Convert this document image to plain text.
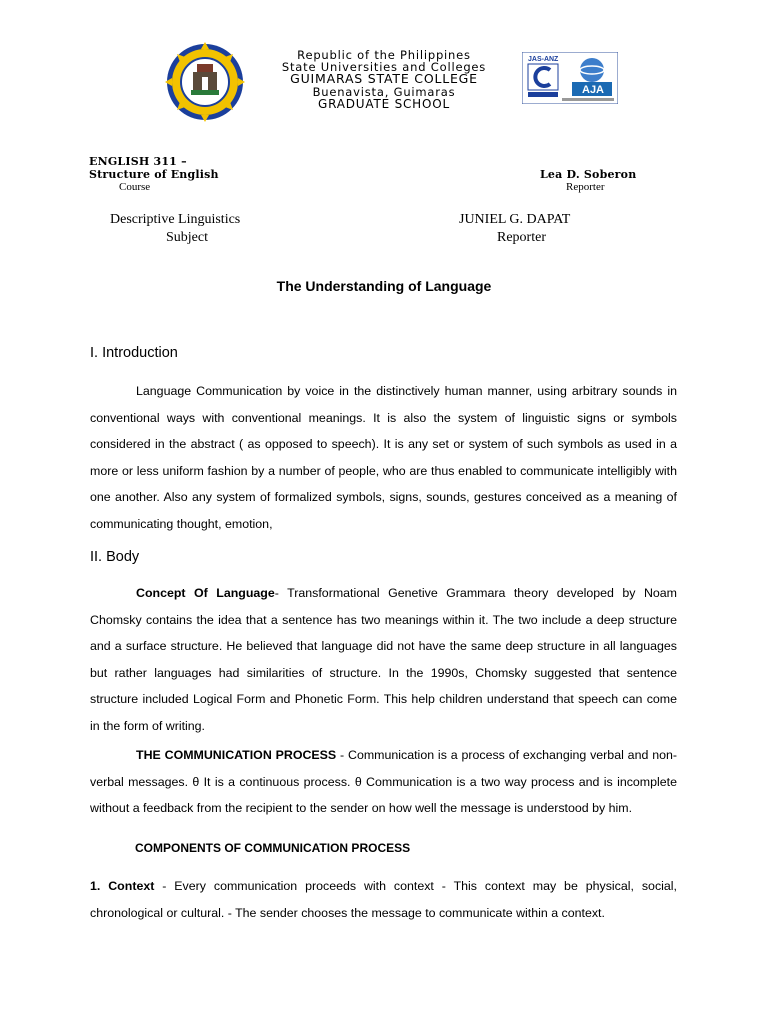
Republic of the Philippines
State Universities and Colleges
GUIMARAS STATE COLLEGE
Buenavista, Guimaras
GRADUATE SCHOOL
JAS-ANZ
AJA
ENGLISH 311 –
Structure of English
Course
Lea D. Soberon
Reporter
Descriptive Linguistics
Subject
JUNIEL G. DAPAT
Reporter
The Understanding of Language
I. Introduction

Language Communication by voice in the distinctively human manner, using arbitrary sounds in conventional ways with conventional meanings. It is also the system of linguistic signs or symbols considered in the abstract ( as opposed to speech). It is any set or system of such symbols as used in a more or less uniform fashion by a number of people, who are thus enabled to communicate intelligibly with one another. Also any system of formalized symbols, signs, sounds, gestures conceived as a meaning of communicating thought, emotion,

II. Body

Concept Of Language- Transformational Genetive Grammara theory developed by Noam Chomsky contains the idea that a sentence has two meanings within it. The two include a deep structure and a surface structure. He believed that language did not have the same deep structure in all languages but rather languages had similarities of structure. In the 1990s, Chomsky suggested that sentence structure included Logical Form and Phonetic Form. This help children understand that speech can come in the form of writing.

THE COMMUNICATION PROCESS - Communication is a process of exchanging verbal and non-verbal messages. θ It is a continuous process. θ Communication is a two way process and is incomplete without a feedback from the recipient to the sender on how well the message is understood by him.

COMPONENTS OF COMMUNICATION PROCESS

1. Context - Every communication proceeds with context - This context may be physical, social, chronological or cultural. - The sender chooses the message to communicate within a context.
